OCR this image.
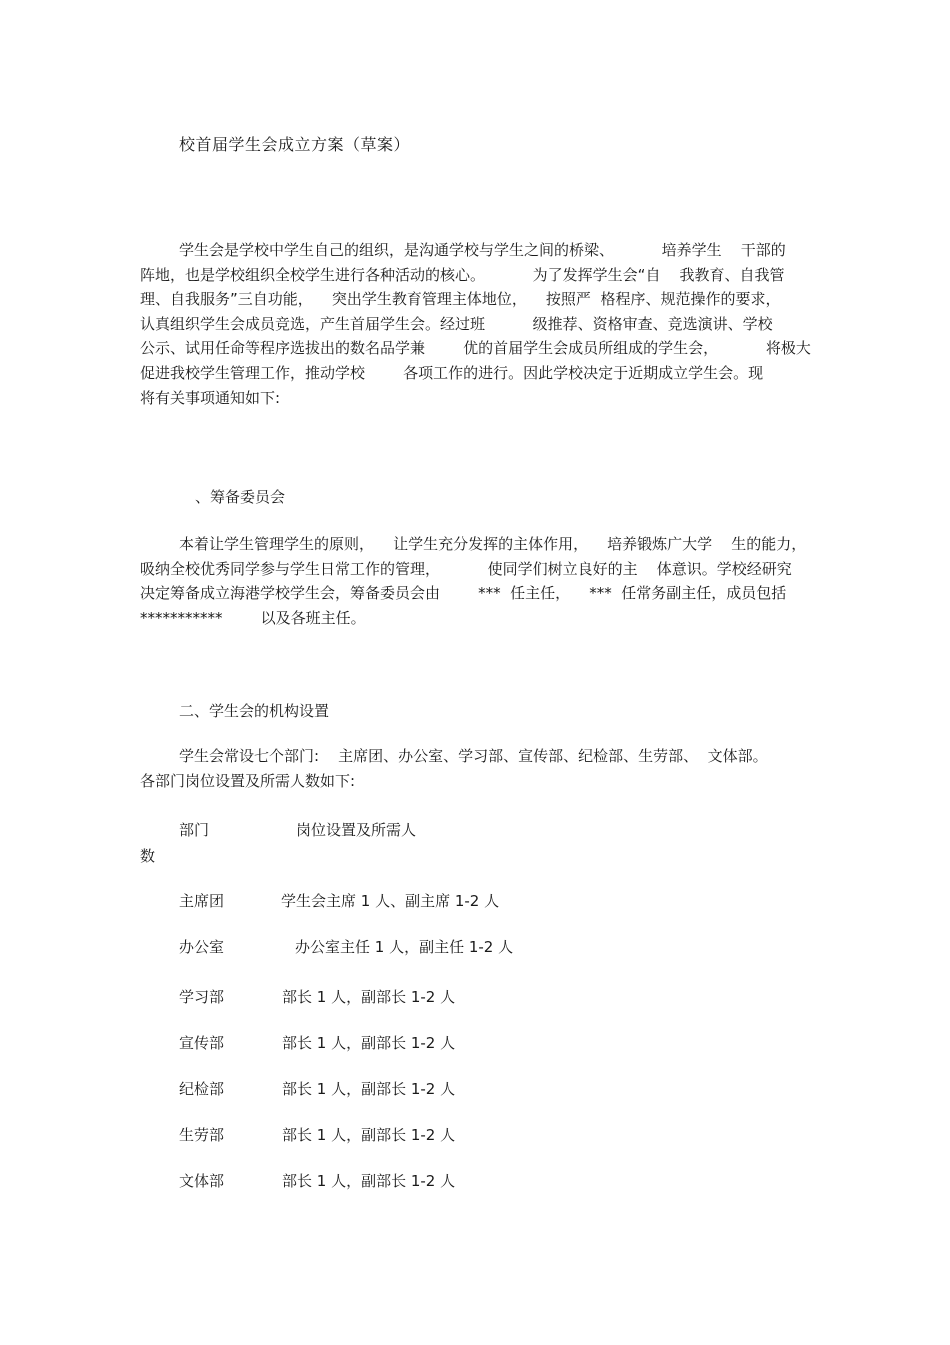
校首届学生会成立方案（草案）
学生会是学校中学生自己的组织，是沟通学校与学生之间的桥梁、          培养学生    干部的
阵地，也是学校组织全校学生进行各种活动的核心。          为了发挥学生会“自    我教育、自我管
理、自我服务”三自功能，    突出学生教育管理主体地位，    按照严  格程序、规范操作的要求，
认真组织学生会成员竞选，产生首届学生会。经过班          级推荐、资格审查、竞选演讲、学校
公示、试用任命等程序选拔出的数名品学兼        优的首届学生会成员所组成的学生会，          将极大
促进我校学生管理工作，推动学校        各项工作的进行。因此学校决定于近期成立学生会。现
将有关事项通知如下:
、筹备委员会
本着让学生管理学生的原则，    让学生充分发挥的主体作用，    培养锻炼广大学    生的能力，
吸纳全校优秀同学参与学生日常工作的管理，          使同学们树立良好的主    体意识。学校经研究
决定筹备成立海港学校学生会，筹备委员会由        ***  任主任，    ***  任常务副主任，成员包括
***********        以及各班主任。
二、学生会的机构设置
学生会常设七个部门:    主席团、办公室、学习部、宣传部、纪检部、生劳部、  文体部。
各部门岗位设置及所需人数如下:
部门	岗位设置及所需人
数
主席团	学生会主席 1 人、副主席 1-2 人
办公室	办公室主任 1 人，副主任 1-2 人
学习部	部长 1 人，副部长 1-2 人
宣传部	部长 1 人，副部长 1-2 人
纪检部	部长 1 人，副部长 1-2 人
生劳部	部长 1 人，副部长 1-2 人
文体部	部长 1 人，副部长 1-2 人
